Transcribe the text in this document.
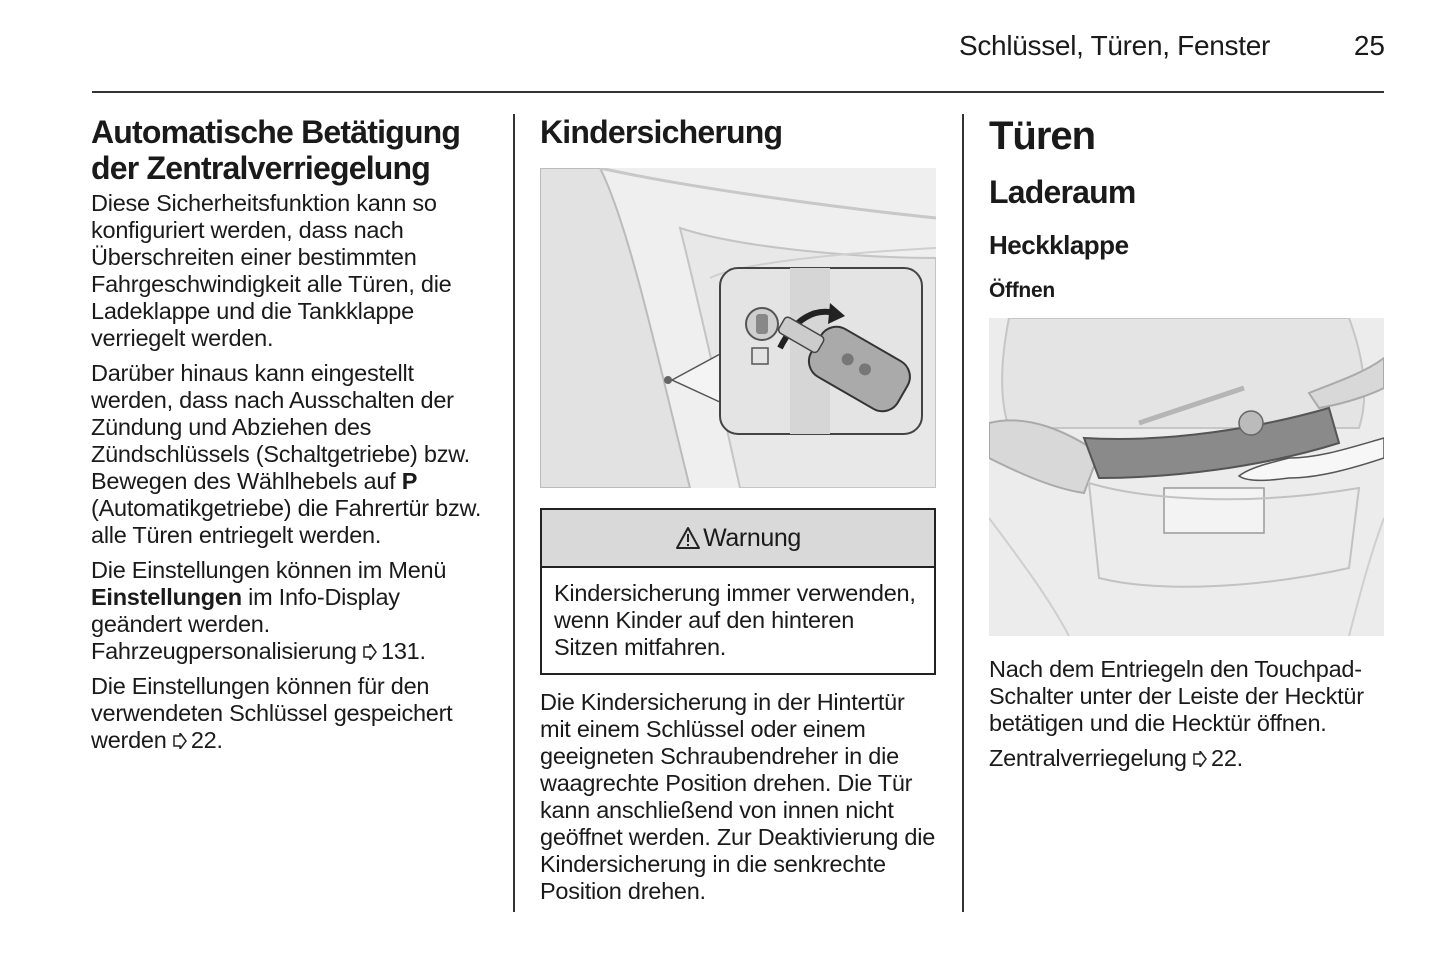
Schlüssel, Türen, Fenster	25
Automatische Betätigung der Zentralverriegelung

Diese Sicherheitsfunktion kann so konfiguriert werden, dass nach Überschreiten einer bestimmten Fahrgeschwindigkeit alle Türen, die Ladeklappe und die Tankklappe verriegelt werden.

Darüber hinaus kann eingestellt werden, dass nach Ausschalten der Zündung und Abziehen des Zündschlüssels (Schaltgetriebe) bzw. Bewegen des Wählhebels auf P (Automatikgetriebe) die Fahrertür bzw. alle Türen entriegelt werden.

Die Einstellungen können im Menü Einstellungen im Info-Display geändert werden. Fahrzeugpersonalisierung 131.

Die Einstellungen können für den verwendeten Schlüssel gespeichert werden 22.

Kindersicherung
Warnung
Kindersicherung immer verwenden, wenn Kinder auf den hinteren Sitzen mitfahren.

Die Kindersicherung in der Hintertür mit einem Schlüssel oder einem geeigneten Schraubendreher in die waagrechte Position drehen. Die Tür kann anschließend von innen nicht geöffnet werden. Zur Deaktivierung die Kindersicherung in die senkrechte Position drehen.

Türen
Laderaum
Heckklappe
Öffnen

Nach dem Entriegeln den Touchpad-Schalter unter der Leiste der Hecktür betätigen und die Hecktür öffnen.

Zentralverriegelung 22.
